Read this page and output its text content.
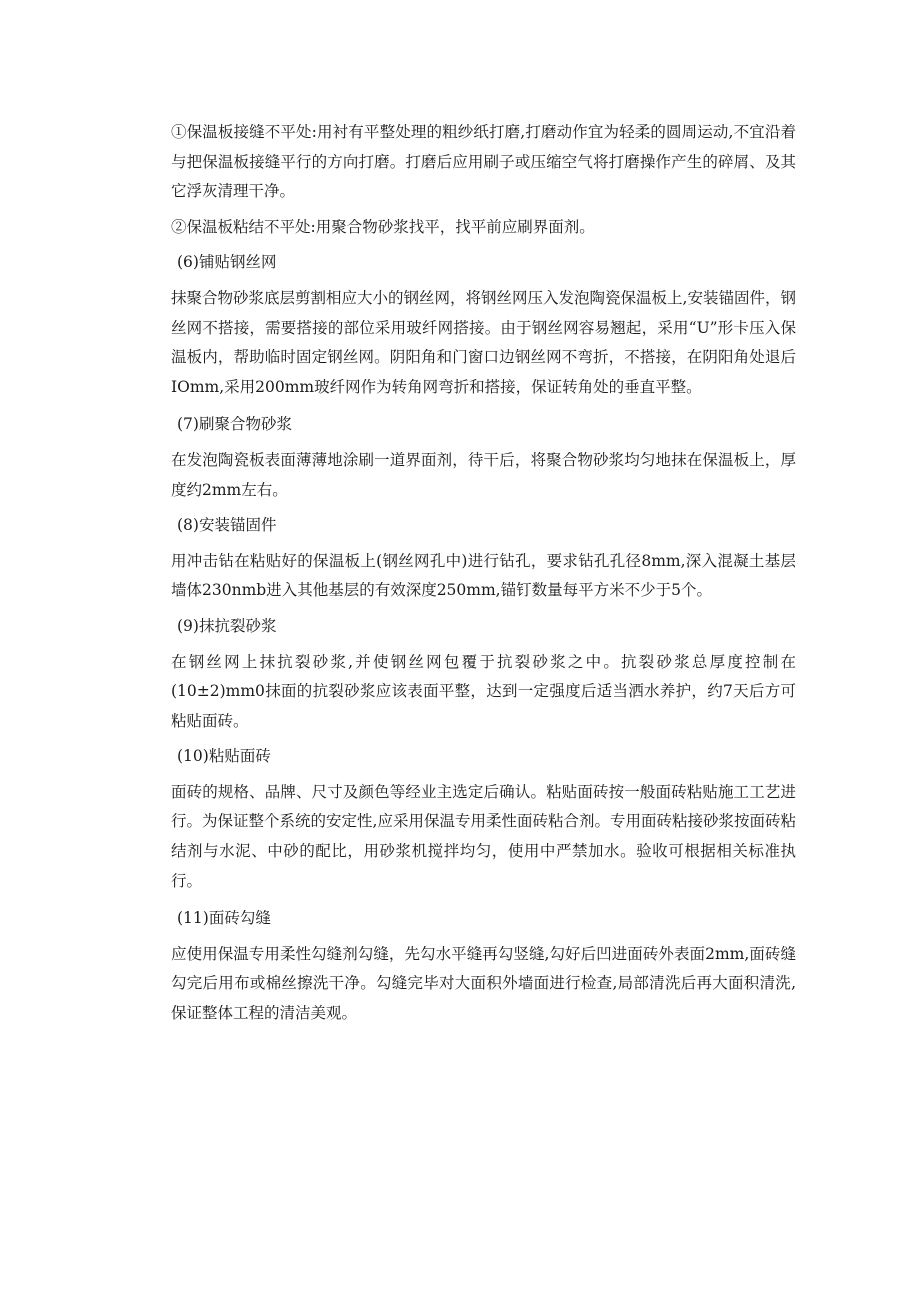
①保温板接缝不平处:用衬有平整处理的粗纱纸打磨,打磨动作宜为轻柔的圆周运动,不宜沿着与把保温板接缝平行的方向打磨。打磨后应用刷子或压缩空气将打磨操作产生的碎屑、及其它浮灰清理干净。

②保温板粘结不平处:用聚合物砂浆找平，找平前应刷界面剂。

(6)铺贴钢丝网

抹聚合物砂浆底层剪割相应大小的钢丝网，将钢丝网压入发泡陶瓷保温板上,安装锚固件，钢丝网不搭接，需要搭接的部位采用玻纤网搭接。由于钢丝网容易翘起，采用“U”形卡压入保温板内，帮助临时固定钢丝网。阴阳角和门窗口边钢丝网不弯折，不搭接，在阴阳角处退后IOmm,采用200mm玻纤网作为转角网弯折和搭接，保证转角处的垂直平整。

(7)刷聚合物砂浆

在发泡陶瓷板表面薄薄地涂刷一道界面剂，待干后，将聚合物砂浆均匀地抹在保温板上，厚度约2mm左右。

(8)安装锚固件

用冲击钻在粘贴好的保温板上(钢丝网孔中)进行钻孔，要求钻孔孔径8mm,深入混凝土基层墙体230nmb进入其他基层的有效深度250mm,锚钉数量每平方米不少于5个。

(9)抹抗裂砂浆

在钢丝网上抹抗裂砂浆,并使钢丝网包覆于抗裂砂浆之中。抗裂砂浆总厚度控制在(10±2)mm0抹面的抗裂砂浆应该表面平整，达到一定强度后适当洒水养护，约7天后方可粘贴面砖。

(10)粘贴面砖

面砖的规格、品牌、尺寸及颜色等经业主选定后确认。粘贴面砖按一般面砖粘贴施工工艺进行。为保证整个系统的安定性,应采用保温专用柔性面砖粘合剂。专用面砖粘接砂浆按面砖粘结剂与水泥、中砂的配比，用砂浆机搅拌均匀，使用中严禁加水。验收可根据相关标准执行。

(11)面砖勾缝

应使用保温专用柔性勾缝剂勾缝，先勾水平缝再勾竖缝,勾好后凹进面砖外表面2mm,面砖缝勾完后用布或棉丝擦洗干净。勾缝完毕对大面积外墙面进行检查,局部清洗后再大面积清洗,保证整体工程的清洁美观。
